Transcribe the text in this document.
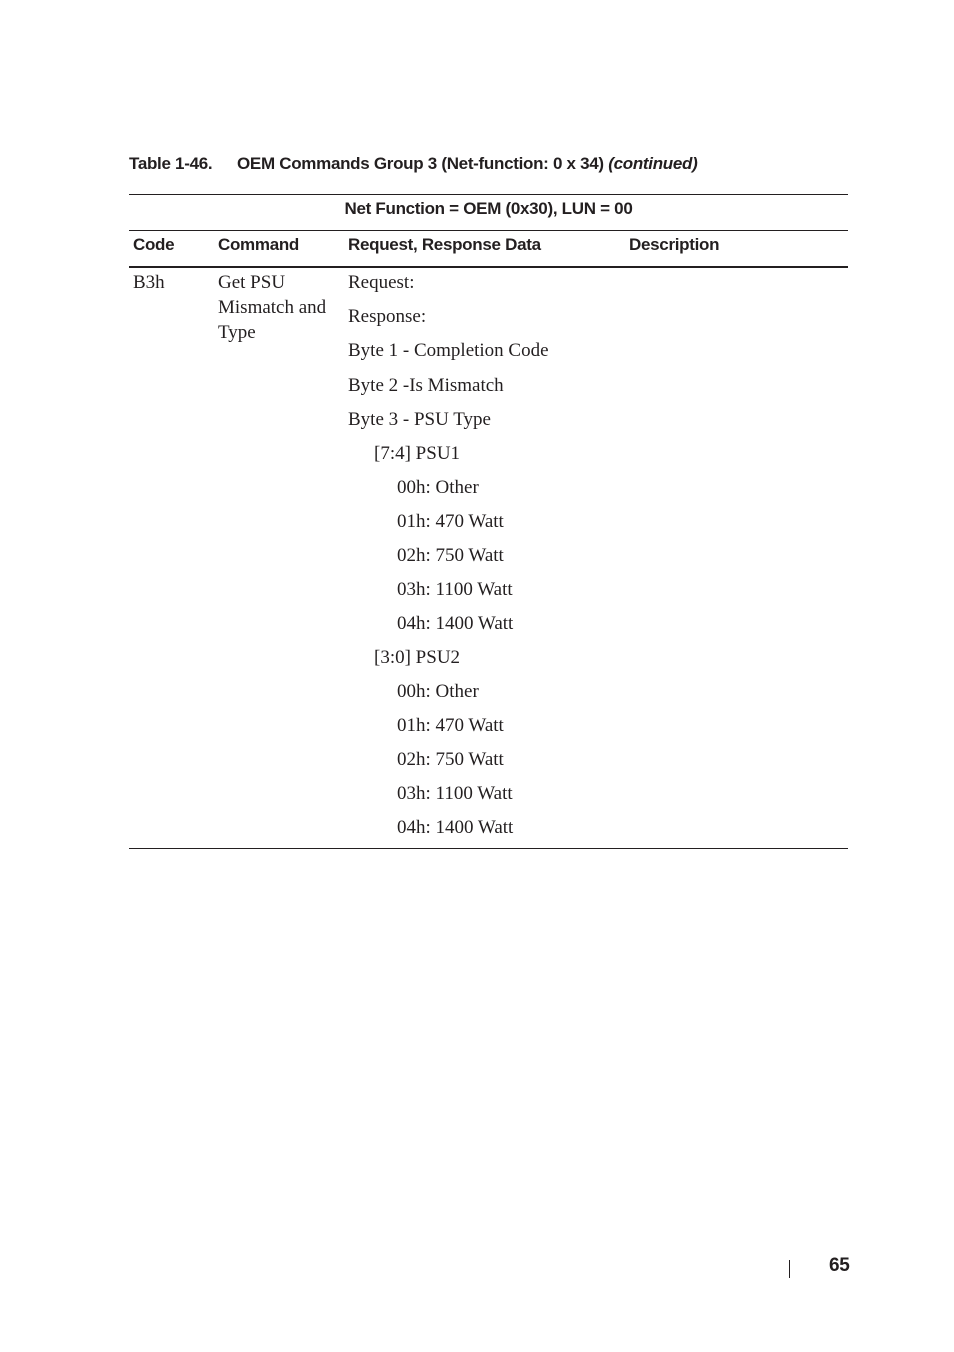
Table 1-46. OEM Commands Group 3 (Net-function: 0 x 34) (continued)
Net Function = OEM (0x30), LUN = 00
Code	Command	Request, Response Data	Description
B3h	Get PSU Mismatch and Type
Request:
Response:
Byte 1 - Completion Code
Byte 2 -Is Mismatch
Byte 3 - PSU Type
[7:4] PSU1
00h: Other
01h: 470 Watt
02h: 750 Watt
03h: 1100 Watt
04h: 1400 Watt
[3:0] PSU2
00h: Other
01h: 470 Watt
02h: 750 Watt
03h: 1100 Watt
04h: 1400 Watt
65
